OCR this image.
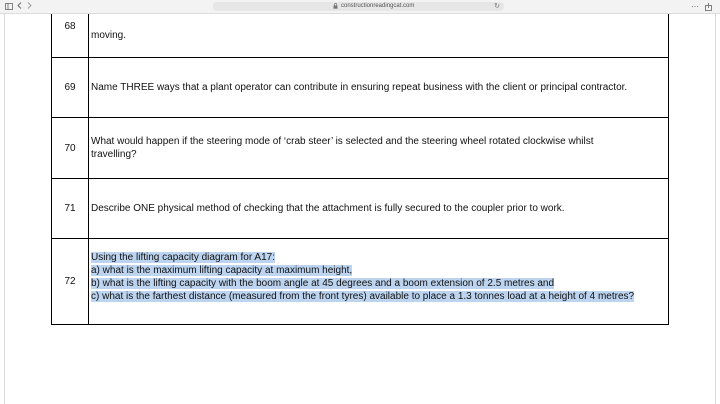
constructionreadingcat.com	↻	⋯
68	moving.
69	Name THREE ways that a plant operator can contribute in ensuring repeat business with the client or principal contractor.
70	What would happen if the steering mode of ‘crab steer’ is selected and the steering wheel rotated clockwise whilst
travelling?

71	Describe ONE physical method of checking that the attachment is fully secured to the coupler prior to work.
72	Using the lifting capacity diagram for A17:
a) what is the maximum lifting capacity at maximum height,
b) what is the lifting capacity with the boom angle at 45 degrees and a boom extension of 2.5 metres and
c) what is the farthest distance (measured from the front tyres) available to place a 1.3 tonnes load at a height of 4 metres?
